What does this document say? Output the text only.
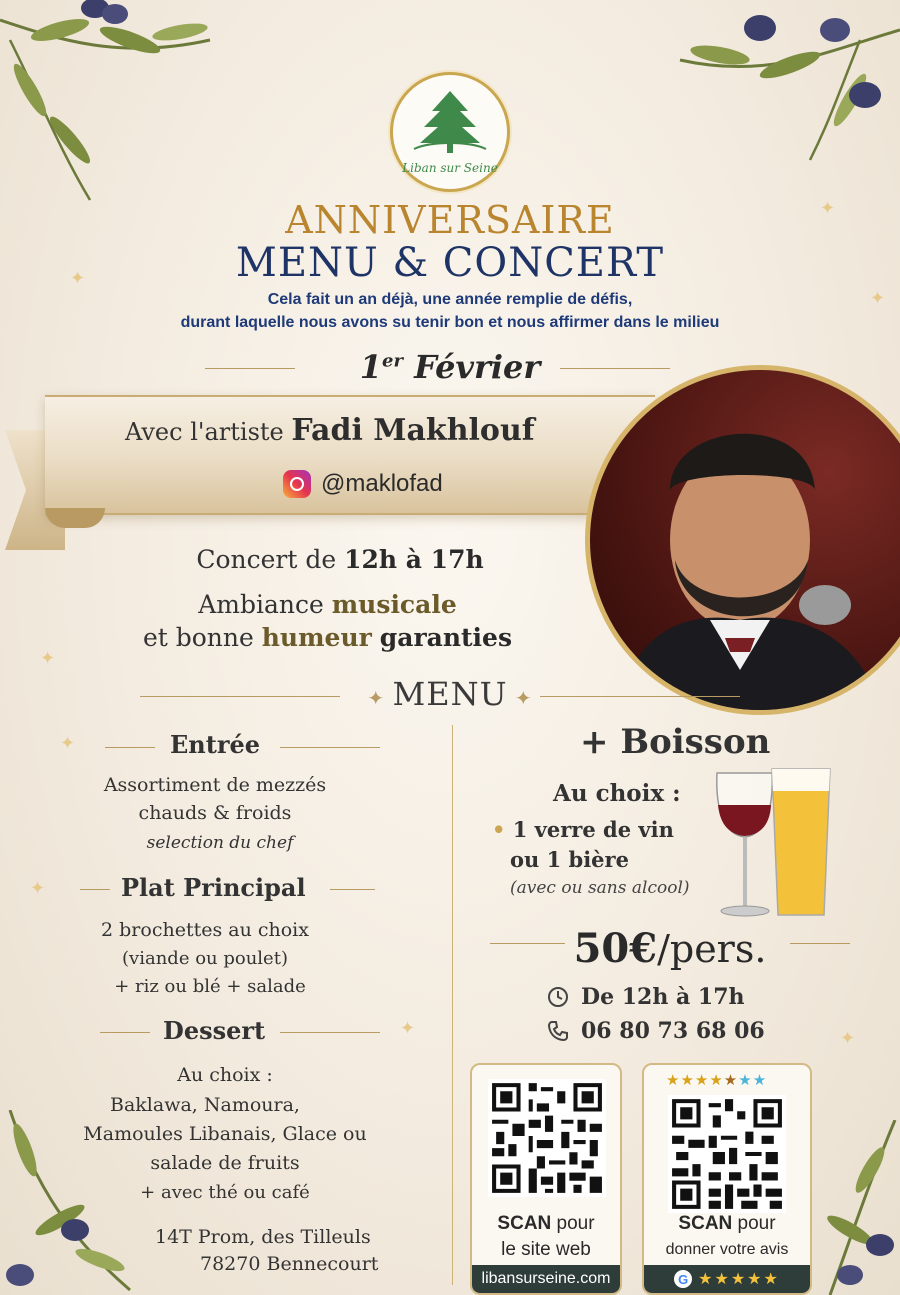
✦
✦
✦
✦
✦
✦
✦
✦
Liban sur Seine
ANNIVERSAIRE
MENU & CONCERT
Cela fait un an déjà, une année remplie de défis,
durant laquelle nous avons su tenir bon et nous affirmer dans le milieu
1er Février
Avec l'artiste Fadi Makhlouf
@maklofad
Concert de 12h à 17h
Ambiance musicale
et bonne humeur garanties
✦ MENU ✦
Entrée
Assortiment de mezzés
chauds & froids
selection du chef
Plat Principal
2 brochettes au choix
(viande ou poulet)
+ riz ou blé + salade
Dessert
Au choix :
Baklawa, Namoura,
Mamoules Libanais, Glace ou
salade de fruits
+ avec thé ou café
14T Prom, des Tilleuls
78270 Bennecourt
+ Boisson
Au choix :
• 1 verre de vin
ou 1 bière
(avec ou sans alcool)
50€/pers.
De 12h à 17h
06 80 73 68 06
SCAN pour
le site web
libansurseine.com
★★★★★★★
SCAN pour
donner votre avis
G ★★★★★
